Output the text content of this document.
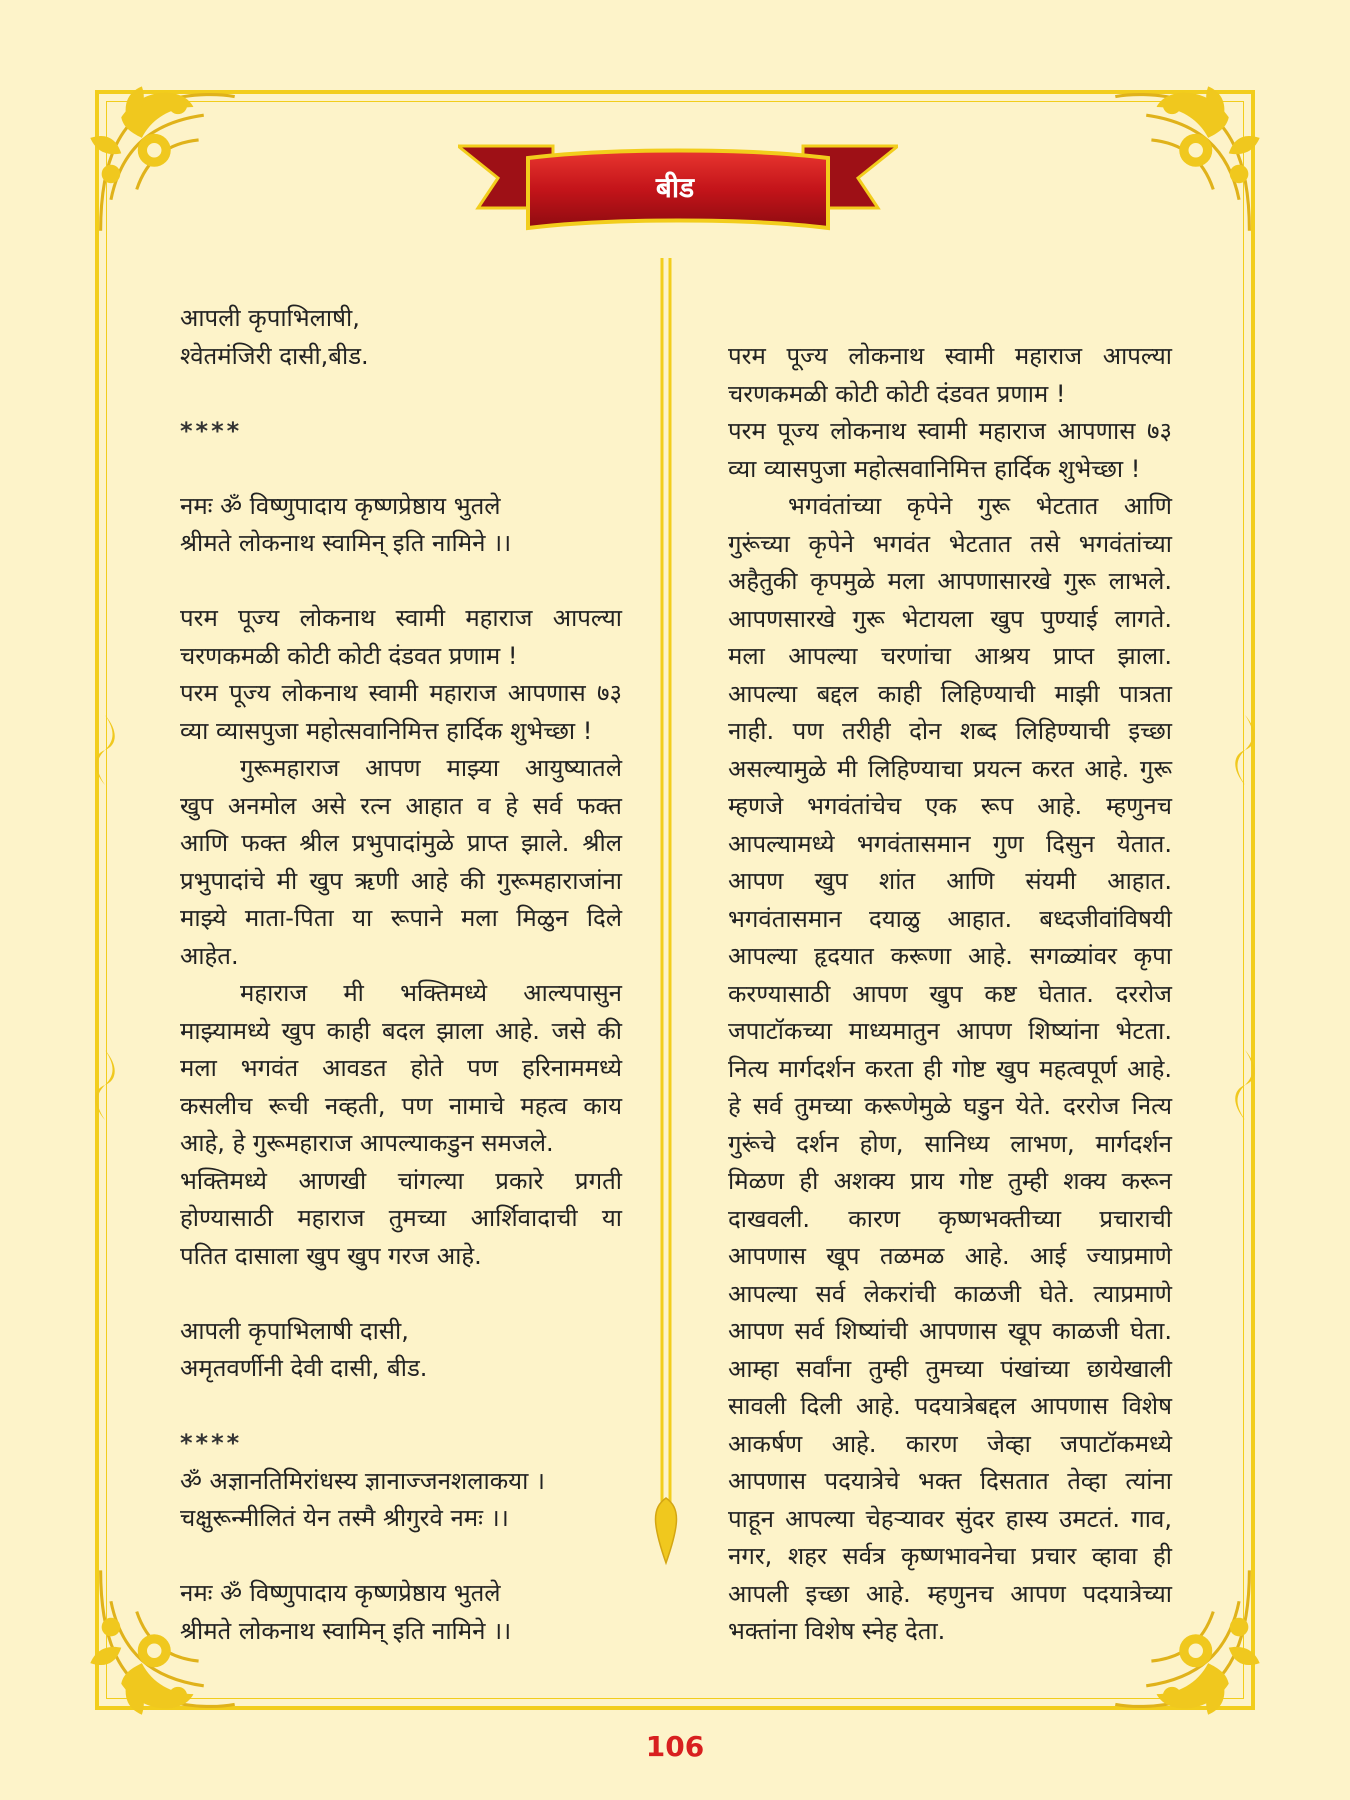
बीड

आपली कृपाभिलाषी,

श्वेतमंजिरी दासी,बीड.

****

नमः ॐ विष्णुपादाय कृष्णप्रेष्ठाय भुतले

श्रीमते लोकनाथ स्वामिन् इति नामिने ।।

परम पूज्य लोकनाथ स्वामी महाराज आपल्या

चरणकमळी कोटी कोटी दंडवत प्रणाम !

परम पूज्य लोकनाथ स्वामी महाराज आपणास ७३

व्या व्यासपुजा महोत्सवानिमित्त हार्दिक शुभेच्छा !

गुरूमहाराज आपण माझ्या आयुष्यातले

खुप अनमोल असे रत्न आहात व हे सर्व फक्त

आणि फक्त श्रील प्रभुपादांमुळे प्राप्त झाले. श्रील

प्रभुपादांचे मी खुप ऋणी आहे की गुरूमहाराजांना

माझ्ये माता-पिता या रूपाने मला मिळुन दिले

आहेत.

महाराज मी भक्तिमध्ये आल्यपासुन

माझ्यामध्ये खुप काही बदल झाला आहे. जसे की

मला भगवंत आवडत होते पण हरिनाममध्ये

कसलीच रूची नव्हती, पण नामाचे महत्व काय

आहे, हे गुरूमहाराज आपल्याकडुन समजले.

भक्तिमध्ये आणखी चांगल्या प्रकारे प्रगती

होण्यासाठी महाराज तुमच्या आर्शिवादाची या

पतित दासाला खुप खुप गरज आहे.

आपली कृपाभिलाषी दासी,

अमृतवर्णीनी देवी दासी, बीड.

****

ॐ अज्ञानतिमिरांधस्य ज्ञानाज्जनशलाकया ।

चक्षुरून्मीलितं येन तस्मै श्रीगुरवे नमः ।।

नमः ॐ विष्णुपादाय कृष्णप्रेष्ठाय भुतले

श्रीमते लोकनाथ स्वामिन् इति नामिने ।।

परम पूज्य लोकनाथ स्वामी महाराज आपल्या

चरणकमळी कोटी कोटी दंडवत प्रणाम !

परम पूज्य लोकनाथ स्वामी महाराज आपणास ७३

व्या व्यासपुजा महोत्सवानिमित्त हार्दिक शुभेच्छा !

भगवंतांच्या कृपेने गुरू भेटतात आणि

गुरूंच्या कृपेने भगवंत भेटतात तसे भगवंतांच्या

अहैतुकी कृपमुळे मला आपणासारखे गुरू लाभले.

आपणसारखे गुरू भेटायला खुप पुण्याई लागते.

मला आपल्या चरणांचा आश्रय प्राप्त झाला.

आपल्या बद्दल काही लिहिण्याची माझी पात्रता

नाही. पण तरीही दोन शब्द लिहिण्याची इच्छा

असल्यामुळे मी लिहिण्याचा प्रयत्न करत आहे. गुरू

म्हणजे भगवंतांचेच एक रूप आहे. म्हणुनच

आपल्यामध्ये भगवंतासमान गुण दिसुन येतात.

आपण खुप शांत आणि संयमी आहात.

भगवंतासमान दयाळु आहात. बध्दजीवांविषयी

आपल्या हृदयात करूणा आहे. सगळ्यांवर कृपा

करण्यासाठी आपण खुप कष्ट घेतात. दररोज

जपाटॉकच्या माध्यमातुन आपण शिष्यांना भेटता.

नित्य मार्गदर्शन करता ही गोष्ट खुप महत्वपूर्ण आहे.

हे सर्व तुमच्या करूणेमुळे घडुन येते. दररोज नित्य

गुरूंचे दर्शन होण, सानिध्य लाभण, मार्गदर्शन

मिळण ही अशक्य प्राय गोष्ट तुम्ही शक्य करून

दाखवली. कारण कृष्णभक्तीच्या प्रचाराची

आपणास खूप तळमळ आहे. आई ज्याप्रमाणे

आपल्या सर्व लेकरांची काळजी घेते. त्याप्रमाणे

आपण सर्व शिष्यांची आपणास खूप काळजी घेता.

आम्हा सर्वांना तुम्ही तुमच्या पंखांच्या छायेखाली

सावली दिली आहे. पदयात्रेबद्दल आपणास विशेष

आकर्षण आहे. कारण जेव्हा जपाटॉकमध्ये

आपणास पदयात्रेचे भक्त दिसतात तेव्हा त्यांना

पाहून आपल्या चेहऱ्यावर सुंदर हास्य उमटतं. गाव,

नगर, शहर सर्वत्र कृष्णभावनेचा प्रचार व्हावा ही

आपली इच्छा आहे. म्हणुनच आपण पदयात्रेच्या

भक्तांना विशेष स्नेह देता.

106
